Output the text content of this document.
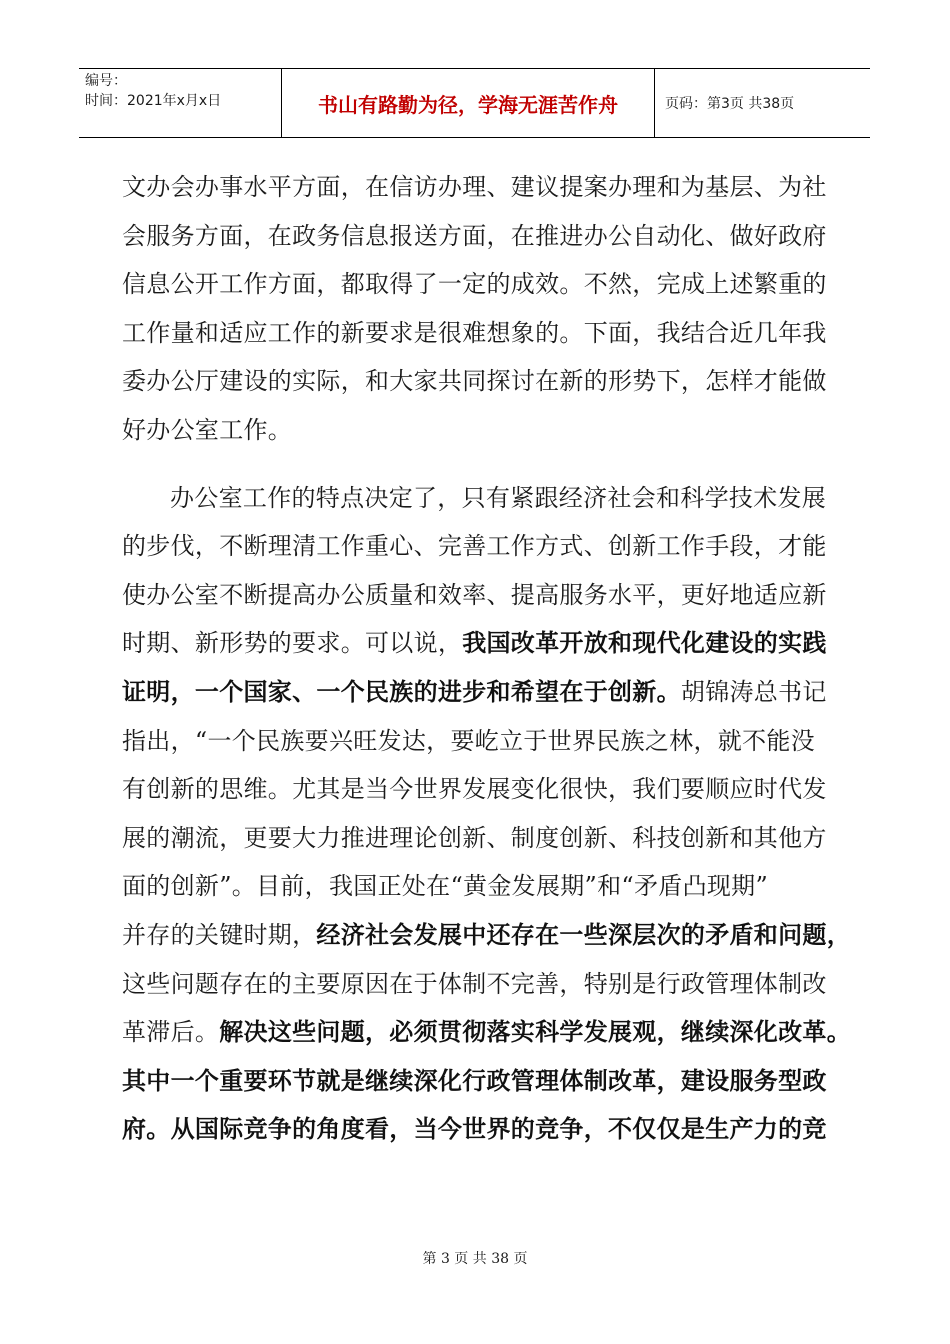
编号：
时间：2021年x月x日	书山有路勤为径，学海无涯苦作舟	页码：第3页 共38页
文办会办事水平方面，在信访办理、建议提案办理和为基层、为社
会服务方面，在政务信息报送方面，在推进办公自动化、做好政府
信息公开工作方面，都取得了一定的成效。不然，完成上述繁重的
工作量和适应工作的新要求是很难想象的。下面，我结合近几年我
委办公厅建设的实际，和大家共同探讨在新的形势下，怎样才能做
好办公室工作。
办公室工作的特点决定了，只有紧跟经济社会和科学技术发展
的步伐，不断理清工作重心、完善工作方式、创新工作手段，才能
使办公室不断提高办公质量和效率、提高服务水平，更好地适应新
时期、新形势的要求。可以说，我国改革开放和现代化建设的实践
证明，一个国家、一个民族的进步和希望在于创新。胡锦涛总书记
指出，“一个民族要兴旺发达，要屹立于世界民族之林，就不能没
有创新的思维。尤其是当今世界发展变化很快，我们要顺应时代发
展的潮流，更要大力推进理论创新、制度创新、科技创新和其他方
面的创新”。目前，我国正处在“黄金发展期”和“矛盾凸现期”
并存的关键时期，经济社会发展中还存在一些深层次的矛盾和问题，
这些问题存在的主要原因在于体制不完善，特别是行政管理体制改
革滞后。解决这些问题，必须贯彻落实科学发展观，继续深化改革。
其中一个重要环节就是继续深化行政管理体制改革，建设服务型政
府。从国际竞争的角度看，当今世界的竞争，不仅仅是生产力的竞
第 3 页 共 38 页
